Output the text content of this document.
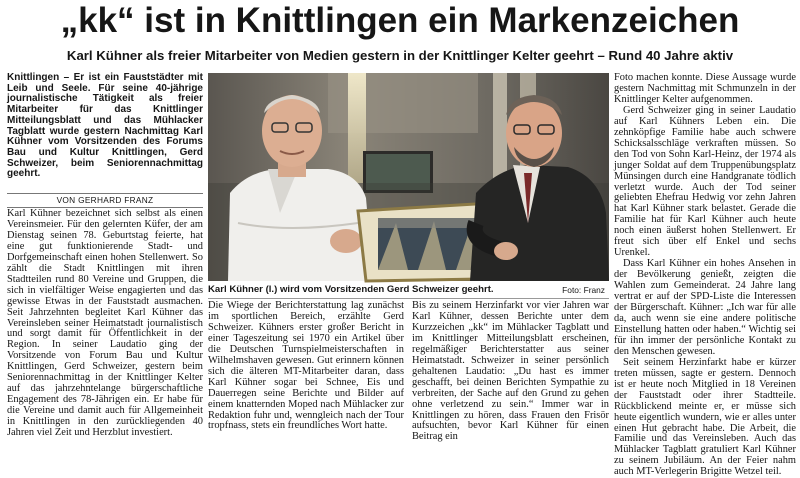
„kk“ ist in Knittlingen ein Markenzeichen
Karl Kühner als freier Mitarbeiter von Medien gestern in der Knittlinger Kelter geehrt – Rund 40 Jahre aktiv

Knittlingen – Er ist ein Fauststädter mit Leib und Seele. Für seine 40-jährige journalistische Tätigkeit als freier Mitarbeiter für das Knittlinger Mitteilungsblatt und das Mühlacker Tagblatt wurde gestern Nachmittag Karl Kühner vom Vorsitzenden des Forums Bau und Kultur Knittlingen, Gerd Schweizer, beim Seniorennachmittag geehrt.

VON GERHARD FRANZ

Karl Kühner bezeichnet sich selbst als einen Vereinsmeier. Für den gelernten Küfer, der am Dienstag seinen 78. Geburtstag feierte, hat eine gut funktionierende Stadt- und Dorfgemeinschaft einen hohen Stellenwert. So zählt die Stadt Knittlingen mit ihren Stadtteilen rund 80 Vereine und Gruppen, die sich in vielfältiger Weise engagierten und das gewisse Etwas in der Fauststadt ausmachen. Seit Jahrzehnten begleitet Karl Kühner das Vereinsleben seiner Heimatstadt journalistisch und sorgt damit für Öffentlichkeit in der Region. In seiner Laudatio ging der Vorsitzende von Forum Bau und Kultur Knittlingen, Gerd Schweizer, gestern beim Seniorennachmittag in der Knittlinger Kelter auf das jahrzehntelange bürgerschaftliche Engagement des 78-Jährigen ein. Er habe für die Vereine und damit auch für Allgemeinheit in Knittlingen in den zurückliegenden 40 Jahren viel Zeit und Herzblut investiert.

Karl Kühner (l.) wird vom Vorsitzenden Gerd Schweizer geehrt.	Foto: Franz

Die Wiege der Berichterstattung lag zunächst im sportlichen Bereich, erzählte Gerd Schweizer. Kühners erster großer Bericht in einer Tageszeitung sei 1970 ein Artikel über die Deutschen Turnspielmeisterschaften in Wilhelmshaven gewesen. Gut erinnern können sich die älteren MT-Mitarbeiter daran, dass Karl Kühner sogar bei Schnee, Eis und Dauerregen seine Berichte und Bilder auf einem knatternden Moped nach Mühlacker zur Redaktion fuhr und, wenngleich nach der Tour tropfnass, stets ein freundliches Wort hatte.

Bis zu seinem Herzinfarkt vor vier Jahren war Karl Kühner, dessen Berichte unter dem Kurzzeichen „kk“ im Mühlacker Tagblatt und im Knittlinger Mitteilungsblatt erscheinen, regelmäßiger Berichterstatter aus seiner Heimatstadt. Schweizer in seiner persönlich gehaltenen Laudatio: „Du hast es immer geschafft, bei deinen Berichten Sympathie zu verbreiten, der Sache auf den Grund zu gehen ohne verletzend zu sein.“ Immer war in Knittlingen zu hören, dass Frauen den Frisör aufsuchten, bevor Karl Kühner für einen Beitrag ein

Foto machen konnte. Diese Aussage wurde gestern Nachmittag mit Schmunzeln in der Knittlinger Kelter aufgenommen.

Gerd Schweizer ging in seiner Laudatio auf Karl Kühners Leben ein. Die zehnköpfige Familie habe auch schwere Schicksalsschläge verkraften müssen. So den Tod von Sohn Karl-Heinz, der 1974 als junger Soldat auf dem Truppenübungsplatz Münsingen durch eine Handgranate tödlich verletzt wurde. Auch der Tod seiner geliebten Ehefrau Hedwig vor zehn Jahren hat Karl Kühner stark belastet. Gerade die Familie hat für Karl Kühner auch heute noch einen äußerst hohen Stellenwert. Er freut sich über elf Enkel und sechs Urenkel.

Dass Karl Kühner ein hohes Ansehen in der Bevölkerung genießt, zeigten die Wahlen zum Gemeinderat. 24 Jahre lang vertrat er auf der SPD-Liste die Interessen der Bürgerschaft. Kühner: „Ich war für alle da, auch wenn sie eine andere politische Einstellung hatten oder haben.“ Wichtig sei für ihn immer der persönliche Kontakt zu den Menschen gewesen.

Seit seinem Herzinfarkt habe er kürzer treten müssen, sagte er gestern. Dennoch ist er heute noch Mitglied in 18 Vereinen der Fauststadt oder ihrer Stadtteile. Rückblickend meinte er, er müsse sich heute eigentlich wundern, wie er alles unter einen Hut gebracht habe. Die Arbeit, die Familie und das Vereinsleben. Auch das Mühlacker Tagblatt gratuliert Karl Kühner zu seinem Jubiläum. An der Feier nahm auch MT-Verlegerin Brigitte Wetzel teil.
